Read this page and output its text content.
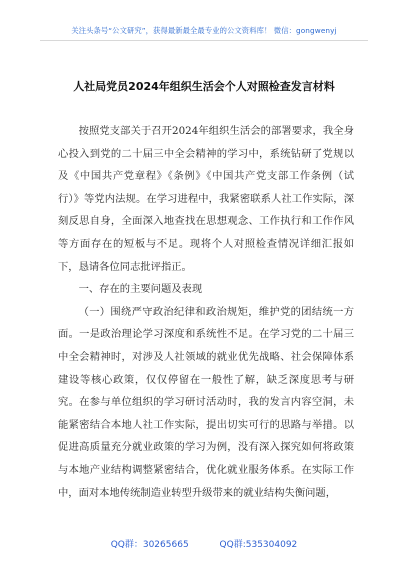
关注头条号“公文研究”，获得最新最全最专业的公文资料库！ 微信：gongwenyj
人社局党员2024年组织生活会个人对照检查发言材料

按照党支部关于召开2024年组织生活会的部署要求，我全身心投入到党的二十届三中全会精神的学习中，系统钻研了党规以及《中国共产党章程》《条例》《中国共产党支部工作条例（试行）》等党内法规。在学习进程中，我紧密联系人社工作实际，深刻反思自身，全面深入地查找在思想观念、工作执行和工作作风等方面存在的短板与不足。现将个人对照检查情况详细汇报如下，恳请各位同志批评指正。

一、存在的主要问题及表现

（一）围绕严守政治纪律和政治规矩，维护党的团结统一方面。一是政治理论学习深度和系统性不足。在学习党的二十届三中全会精神时，对涉及人社领域的就业优先战略、社会保障体系建设等核心政策，仅仅停留在一般性了解，缺乏深度思考与研究。在参与单位组织的学习研讨活动时，我的发言内容空洞，未能紧密结合本地人社工作实际，提出切实可行的思路与举措。以促进高质量充分就业政策的学习为例，没有深入探究如何将政策与本地产业结构调整紧密结合，优化就业服务体系。在实际工作中，面对本地传统制造业转型升级带来的就业结构失衡问题，

QQ群：30265665	QQ群:535304092
